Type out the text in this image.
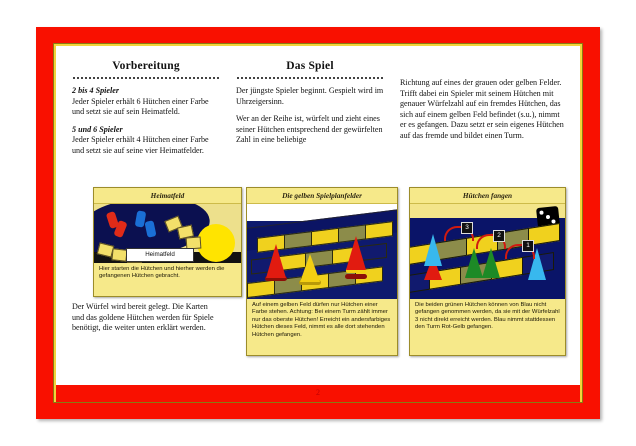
Vorbereitung
2 bis 4 Spieler

Jeder Spieler erhält 6 Hütchen einer Farbe und setzt sie auf sein Heimatfeld.

5 und 6 Spieler

Jeder Spieler erhält 4 Hütchen einer Farbe und setzt sie auf seine vier Heimatfelder.

Das Spiel

Der jüngste Spieler beginnt. Gespielt wird im Uhrzeigersinn.

Wer an der Reihe ist, würfelt und zieht eines seiner Hütchen entsprechend der gewürfelten Zahl in eine beliebige

Richtung auf eines der grauen oder gelben Felder. Trifft dabei ein Spieler mit seinem Hütchen mit genauer Würfelzahl auf ein fremdes Hütchen, das sich auf einem gelben Feld befindet (s.u.), nimmt er es gefangen. Dazu setzt er sein eigenes Hütchen auf das fremde und bildet einen Turm.

Heimatfeld
Heimatfeld
Hier starten die Hütchen und hierher werden die gefangenen Hütchen gebracht.
Die gelben Spielplanfelder
Auf einem gelben Feld dürfen nur Hütchen einer Farbe stehen. Achtung: Bei einem Turm zählt immer nur das oberste Hütchen! Erreicht ein andersfarbiges Hütchen dieses Feld, nimmt es alle dort stehenden Hütchen gefangen.
Hütchen fangen
1
2
3
Die beiden grünen Hütchen können von Blau nicht gefangen genommen werden, da sie mit der Würfelzahl 3 nicht direkt erreicht werden. Blau nimmt stattdessen den Turm Rot-Gelb gefangen.

Der Würfel wird bereit gelegt. Die Karten und das goldene Hütchen werden für Spiele benötigt, die weiter unten erklärt werden.

2
